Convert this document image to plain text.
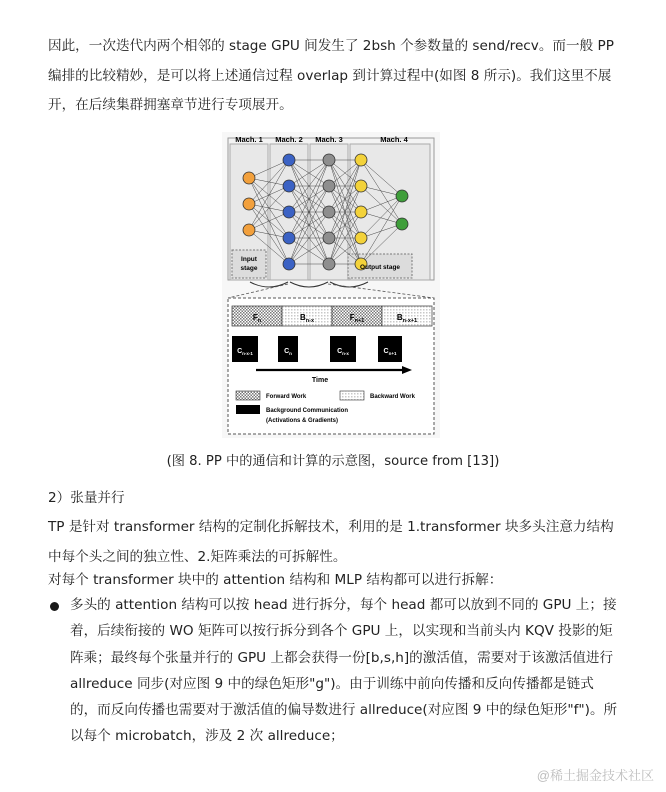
因此，一次迭代内两个相邻的 stage GPU 间发生了 2bsh 个参数量的 send/recv。而一般 PP 编排的比较精妙，是可以将上述通信过程 overlap 到计算过程中(如图 8 所示)。我们这里不展开，在后续集群拥塞章节进行专项展开。

Mach. 1 Mach. 2 Mach. 3	Mach. 4
Input
stage	Output stage
$F_n$	$B_{n-x}$	$F_{n+1}$	$B_{n-x+1}$
$C_{n-x-1}$	$C_n$	$C_{n-x}$	$C_{n+1}$
Time
Forward Work	Backward Work
Background Communication
(Activations & Gradients)

(图 8. PP 中的通信和计算的示意图，source from [13])

2）张量并行

TP 是针对 transformer 结构的定制化拆解技术，利用的是 1.transformer 块多头注意力结构中每个头之间的独立性、2.矩阵乘法的可拆解性。

对每个 transformer 块中的 attention 结构和 MLP 结构都可以进行拆解：

多头的 attention 结构可以按 head 进行拆分，每个 head 都可以放到不同的 GPU 上；接着，后续衔接的 WO 矩阵可以按行拆分到各个 GPU 上，以实现和当前头内 KQV 投影的矩阵乘；最终每个张量并行的 GPU 上都会获得一份[b,s,h]的激活值，需要对于该激活值进行 allreduce 同步(对应图 9 中的绿色矩形"g")。由于训练中前向传播和反向传播都是链式的，而反向传播也需要对于激活值的偏导数进行 allreduce(对应图 9 中的绿色矩形"f")。所以每个 microbatch，涉及 2 次 allreduce；

@稀土掘金技术社区
